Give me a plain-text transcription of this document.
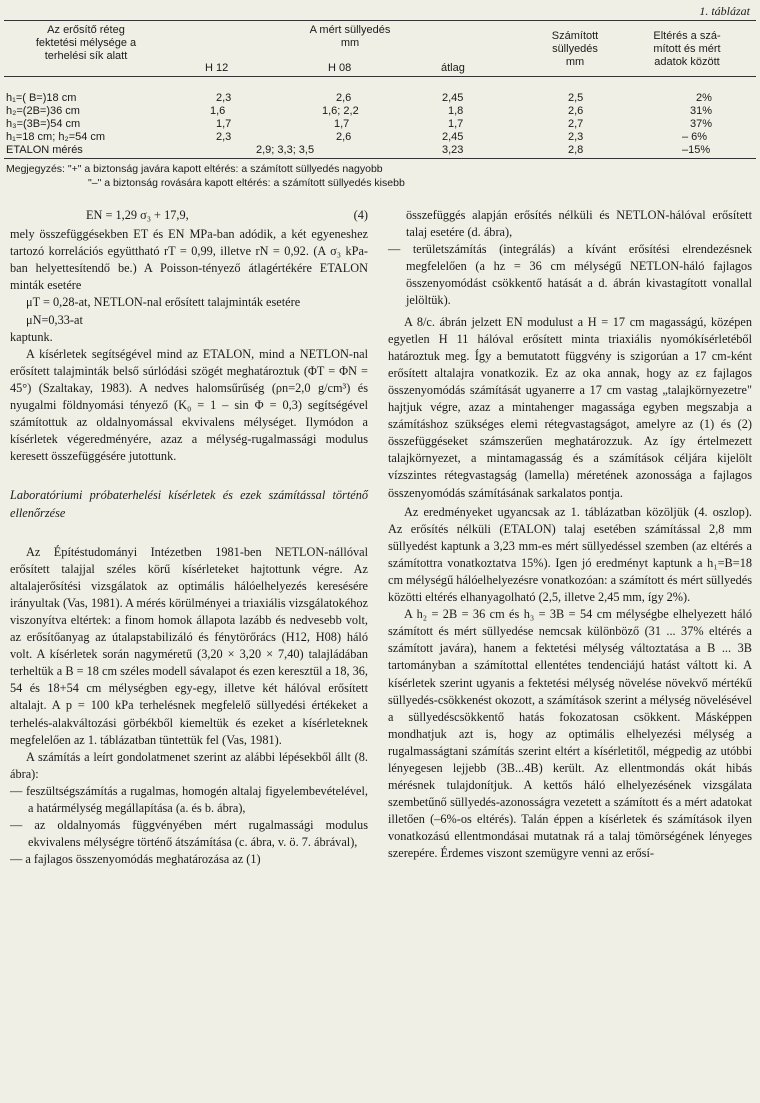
1. táblázat
Az erősítő réteg
fektetési mélysége a
terhelési sík alatt
A mért süllyedés
mm
H 12	H 08	átlag
Számított
süllyedés
mm
Eltérés a szá-
mított és mért
adatok között
h₁=( B=)18 cm	2,3	2,6	2,45	2,5	2%
h₂=(2B=)36 cm	1,6	1,6; 2,2	1,8	2,6	31%
h₃=(3B=)54 cm	1,7	1,7	1,7	2,7	37%
h₁=18 cm; h₂=54 cm	2,3	2,6	2,45	2,3	– 6%
ETALON mérés	2,9; 3,3; 3,5	3,23	2,8	–15%
Megjegyzés: "+" a biztonság javára kapott eltérés: a számított süllyedés nagyobb
"–" a biztonság rovására kapott eltérés: a számított süllyedés kisebb

EN = 1,29 σ₃ + 17,9,	(4)

mely összefüggésekben ET és EN MPa-ban adódik, a két egyeneshez tartozó korrelációs együttható rT = 0,99, illetve rN = 0,92. (A σ₃ kPa-ban helyettesítendő be.) A Poisson-tényező átlagértékére ETALON minták esetére

μT = 0,28-at, NETLON-nal erősített talajminták esetére

μN=0,33-at

kaptunk.

A kísérletek segítségével mind az ETALON, mind a NETLON-nal erősített talajminták belső súrlódási szögét meghatároztuk (ΦT = ΦN = 45°) (Szaltakay, 1983). A nedves halomsűrűség (ρn=2,0 g/cm³) és nyugalmi földnyomási tényező (K₀ = 1 – sin Φ = 0,3) segítségével számítottuk az oldalnyomással ekvivalens mélységet. Ilymódon a kísérletek végeredményére, azaz a mélység-rugalmassági modulus keresett összefüggésére jutottunk.

Laboratóriumi próbaterhelési kísérletek és ezek számítással történő ellenőrzése

Az Építéstudományi Intézetben 1981-ben NETLON-nállóval erősített talajjal széles körű kísérleteket hajtottunk végre. Az altalajerősítési vizsgálatok az optimális hálóelhelyezés keresésére irányultak (Vas, 1981). A mérés körülményei a triaxiális vizsgálatokéhoz viszonyítva eltértek: a finom homok állapota lazább és nedvesebb volt, az erősítőanyag az útalapstabilizáló és fénytörőrács (H12, H08) háló volt. A kísérletek során nagyméretű (3,20 × 3,20 × 7,40) talajládában terheltük a B = 18 cm széles modell sávalapot és ezen keresztül a 18, 36, 54 és 18+54 cm mélységben egy-egy, illetve két hálóval erősített altalajt. A p = 100 kPa terhelésnek megfelelő süllyedési értékeket a terhelés-alakváltozási görbékből kiemeltük és ezeket a kísérleteknek megfelelően az 1. táblázatban tüntettük fel (Vas, 1981).

A számítás a leírt gondolatmenet szerint az alábbi lépésekből állt (8. ábra):

— feszültségszámítás a rugalmas, homogén altalaj figyelembevételével, a határmélység megállapítása (a. és b. ábra),

— az oldalnyomás függvényében mért rugalmassági modulus ekvivalens mélységre történő átszámítása (c. ábra, v. ö. 7. ábrával),

— a fajlagos összenyomódás meghatározása az (1)

összefüggés alapján erősítés nélküli és NETLON-hálóval erősített talaj esetére (d. ábra),

— területszámítás (integrálás) a kívánt erősítési elrendezésnek megfelelően (a hz = 36 cm mélységű NETLON-háló fajlagos összenyomódást csökkentő hatását a d. ábrán kivastagított vonallal jelöltük).

A 8/c. ábrán jelzett EN modulust a H = 17 cm magasságú, középen egyetlen H 11 hálóval erősített minta triaxiális nyomókísérletéből határoztuk meg. Így a bemutatott függvény is szigorúan a 17 cm-ként erősített altalajra vonatkozik. Ez az oka annak, hogy az εz fajlagos összenyomódás számítását ugyanerre a 17 cm vastag „talajkörnyezetre" hajtjuk végre, azaz a mintahenger magassága egyben megszabja a számításhoz szükséges elemi rétegvastagságot, amelyre az (1) és (2) összefüggéseket számszerűen meghatározzuk. Az így értelmezett talajkörnyezet, a mintamagasság és a számítások céljára kijelölt vízszintes rétegvastagság (lamella) méretének azonossága a fajlagos összenyomódás számításának sarkalatos pontja.

Az eredményeket ugyancsak az 1. táblázatban közöljük (4. oszlop). Az erősítés nélküli (ETALON) talaj esetében számítással 2,8 mm süllyedést kaptunk a 3,23 mm-es mért süllyedéssel szemben (az eltérés a számítottra vonatkoztatva 15%). Igen jó eredményt kaptunk a h₁=B=18 cm mélységű hálóelhelyezésre vonatkozóan: a számított és mért süllyedés közötti eltérés elhanyagolható (2,5, illetve 2,45 mm, így 2%).

A h₂ = 2B = 36 cm és h₃ = 3B = 54 cm mélységbe elhelyezett háló számított és mért süllyedése nemcsak különböző (31 ... 37% eltérés a számított javára), hanem a fektetési mélység változtatása a B ... 3B tartományban a számítottal ellentétes tendenciájú hatást váltott ki. A kísérletek szerint ugyanis a fektetési mélység növelése növekvő mértékű süllyedés-csökkenést okozott, a számítások szerint a mélység növelésével a süllyedéscsökkentő hatás fokozatosan csökkent. Másképpen mondhatjuk azt is, hogy az optimális elhelyezési mélység a rugalmasságtani számítás szerint eltért a kísérletitől, mégpedig az utóbbi lényegesen lejjebb (3B...4B) került. Az ellentmondás okát hibás mérésnek tulajdonítjuk. A kettős háló elhelyezésének vizsgálata szembetűnő süllyedés-azonosságra vezetett a számított és a mért adatokat illetően (–6%-os eltérés). Talán éppen a kísérletek és számítások ilyen vonatkozású ellentmondásai mutatnak rá a talaj tömörségének lényeges szerepére. Érdemes viszont szemügyre venni az erősí-
